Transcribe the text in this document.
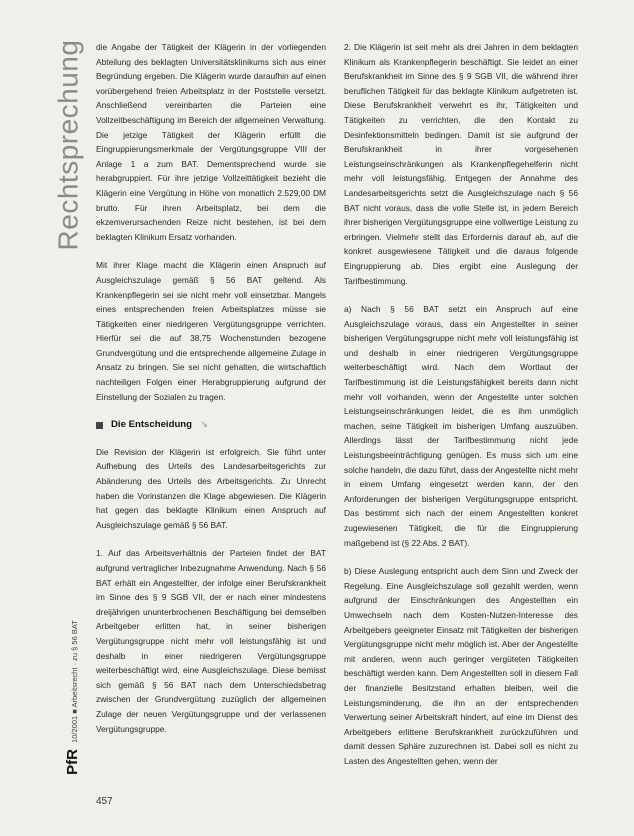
Rechtsprechung die Angabe der Tätigkeit der Klägerin in der vorliegenden Abteilung des beklagten Universitätsklinikums sich aus einer Begründung ergeben. Die Klägerin wurde daraufhin auf einen vorübergehend freien Arbeitsplatz in der Poststelle versetzt. Anschließend vereinbarten die Parteien eine Vollzeitbeschäftigung im Bereich der allgemeinen Verwaltung. Die jetzige Tätigkeit der Klägerin erfüllt die Eingruppierungsmerkmale der Vergütungsgruppe VIII der Anlage 1 a zum BAT. Dementsprechend wurde sie herabgruppiert. Für ihre jetzige Vollzeittätigkeit bezieht die Klägerin eine Vergütung in Höhe von monatlich 2.529,00 DM brutto. Für ihren Arbeitsplatz, bei dem die ekzemverursachenden Reize nicht bestehen, ist bei dem beklagten Klinikum Ersatz vorhanden.

Mit ihrer Klage macht die Klägerin einen Anspruch auf Ausgleichszulage gemäß § 56 BAT geltend. Als Krankenpflegerin sei sie nicht mehr voll einsetzbar. Mangels eines entsprechenden freien Arbeitsplatzes müsse sie Tätigkeiten einer niedrigeren Vergütungsgruppe verrichten. Hierfür sei die auf 38,75 Wochenstunden bezogene Grundvergütung und die entsprechende allgemeine Zulage in Ansatz zu bringen. Sie sei nicht gehalten, die wirtschaftlich nachteiligen Folgen einer Herabgruppierung aufgrund der Einstellung der Sozialen zu tragen.

Die Entscheidung ↘

Die Revision der Klägerin ist erfolgreich. Sie führt unter Aufhebung des Urteils des Landesarbeitsgerichts zur Abänderung des Urteils des Arbeitsgerichts. Zu Unrecht haben die Vorinstanzen die Klage abgewiesen. Die Klägerin hat gegen das beklagte Klinikum einen Anspruch auf Ausgleichszulage gemäß § 56 BAT.

1. Auf das Arbeitsverhältnis der Parteien findet der BAT aufgrund vertraglicher Inbezugnahme Anwendung. Nach § 56 BAT erhält ein Angestellter, der infolge einer Berufskrankheit im Sinne des § 9 SGB VII, der er nach einer mindestens dreijährigen ununterbrochenen Beschäftigung bei demselben Arbeitgeber erlitten hat, in seiner bisherigen Vergütungsgruppe nicht mehr voll leistungsfähig ist und deshalb in einer niedrigeren Vergütungsgruppe weiterbeschäftigt wird, eine Ausgleichszulage. Diese bemisst sich gemäß § 56 BAT nach dem Unterschiedsbetrag zwischen der Grundvergütung zuzüglich der allgemeinen Zulage der neuen Vergütungsgruppe und der verlassenen Vergütungsgruppe.

2. Die Klägerin ist seit mehr als drei Jahren in dem beklagten Klinikum als Krankenpflegerin beschäftigt. Sie leidet an einer Berufskrankheit im Sinne des § 9 SGB VII, die während ihrer beruflichen Tätigkeit für das beklagte Klinikum aufgetreten ist. Diese Berufskrankheit verwehrt es ihr, Tätigkeiten und Tätigkeiten zu verrichten, die den Kontakt zu Desinfektionsmitteln bedingen. Damit ist sie aufgrund der Berufskrankheit in ihrer vorgesehenen Leistungseinschränkungen als Krankenpflegehelferin nicht mehr voll leistungsfähig. Entgegen der Annahme des Landesarbeitsgerichts setzt die Ausgleichszulage nach § 56 BAT nicht voraus, dass die volle Stelle ist, in jedem Bereich ihrer bisherigen Vergütungsgruppe eine vollwertige Leistung zu erbringen. Vielmehr stellt das Erfordernis darauf ab, auf die konkret ausgewiesene Tätigkeit und die daraus folgende Eingruppierung ab. Dies ergibt eine Auslegung der Tarifbestimmung.

a) Nach § 56 BAT setzt ein Anspruch auf eine Ausgleichszulage voraus, dass ein Angestellter in seiner bisherigen Vergütungsgruppe nicht mehr voll leistungsfähig ist und deshalb in einer niedrigeren Vergütungsgruppe weiterbeschäftigt wird. Nach dem Wortlaut der Tarifbestimmung ist die Leistungsfähigkeit bereits dann nicht mehr voll vorhanden, wenn der Angestellte unter solchen Leistungseinschränkungen leidet, die es ihm unmöglich machen, seine Tätigkeit im bisherigen Umfang auszuüben. Allerdings lässt der Tarifbestimmung nicht jede Leistungsbeeinträchtigung genügen. Es muss sich um eine solche handeln, die dazu führt, dass der Angestellte nicht mehr in einem Umfang eingesetzt werden kann, der den Anforderungen der bisherigen Vergütungsgruppe entspricht. Das bestimmt sich nach der einem Angestellten konkret zugewiesenen Tätigkeit, die für die Eingruppierung maßgebend ist (§ 22 Abs. 2 BAT).

b) Diese Auslegung entspricht auch dem Sinn und Zweck der Regelung. Eine Ausgleichszulage soll gezahlt werden, wenn aufgrund der Einschränkungen des Angestellten ein Umwechseln nach dem Kosten-Nutzen-Interesse des Arbeitgebers geeigneter Einsatz mit Tätigkeiten der bisherigen Vergütungsgruppe nicht mehr möglich ist. Aber der Angestellte mit anderen, wenn auch geringer vergüteten Tätigkeiten beschäftigt werden kann. Dem Angestellten soll in diesem Fall der finanzielle Besitzstand erhalten bleiben, weil die Leistungsminderung, die ihn an der entsprechenden Verwertung seiner Arbeitskraft hindert, auf eine im Dienst des Arbeitgebers erlittene Berufskrankheit zurückzuführen und damit dessen Sphäre zuzurechnen ist. Dabei soll es nicht zu Lasten des Angestellten gehen, wenn der

PfR 10/2001 ■ Arbeitsrecht · zu § 56 BAT
457
